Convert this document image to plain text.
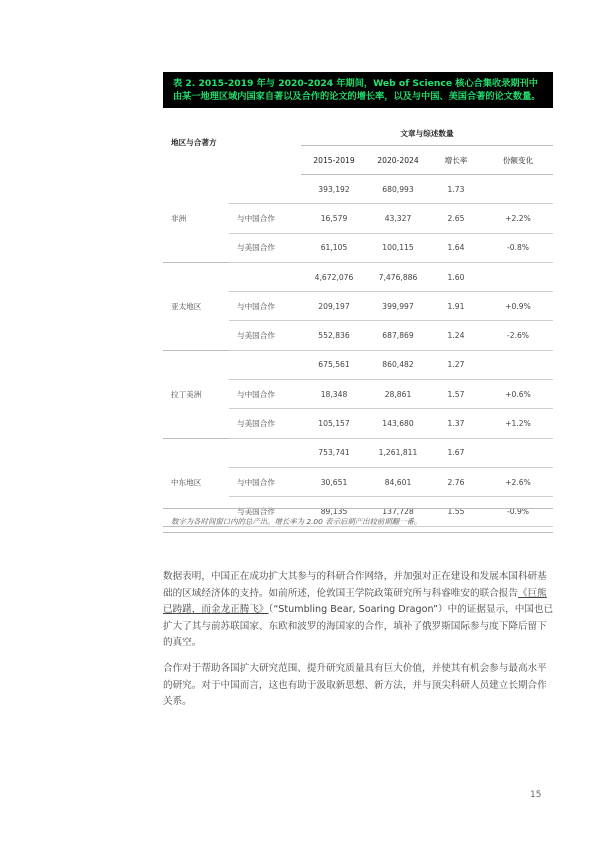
表 2. 2015-2019 年与 2020-2024 年期间，Web of Science 核心合集收录期刊中由某一地理区域内国家自著以及合作的论文的增长率，以及与中国、美国合著的论文数量。
地区与合著方		文章与综述数量			
		2015-2019	2020-2024	增长率	份额变化
非洲		393,192	680,993	1.73	
	与中国合作	16,579	43,327	2.65	+2.2%
	与美国合作	61,105	100,115	1.64	-0.8%
亚太地区		4,672,076	7,476,886	1.60	
	与中国合作	209,197	399,997	1.91	+0.9%
	与美国合作	552,836	687,869	1.24	-2.6%
拉丁美洲		675,561	860,482	1.27	
	与中国合作	18,348	28,861	1.57	+0.6%
	与美国合作	105,157	143,680	1.37	+1.2%
中东地区		753,741	1,261,811	1.67	
	与中国合作	30,651	84,601	2.76	+2.6%
	与美国合作	89,135	137,728	1.55	-0.9%
数字为各时间窗口内的总产出。增长率为 2.00 表示后期产出较前期翻一番。

数据表明，中国正在成功扩大其参与的科研合作网络，并加强对正在建设和发展本国科研基础的区域经济体的支持。如前所述，伦敦国王学院政策研究所与科睿唯安的联合报告《巨熊已踌躇，而金龙正腾飞》（“Stumbling Bear, Soaring Dragon”）中的证据显示，中国也已扩大了其与前苏联国家、东欧和波罗的海国家的合作，填补了俄罗斯国际参与度下降后留下的真空。

合作对于帮助各国扩大研究范围、提升研究质量具有巨大价值，并使其有机会参与最高水平的研究。对于中国而言，这也有助于汲取新思想、新方法，并与顶尖科研人员建立长期合作关系。

15
